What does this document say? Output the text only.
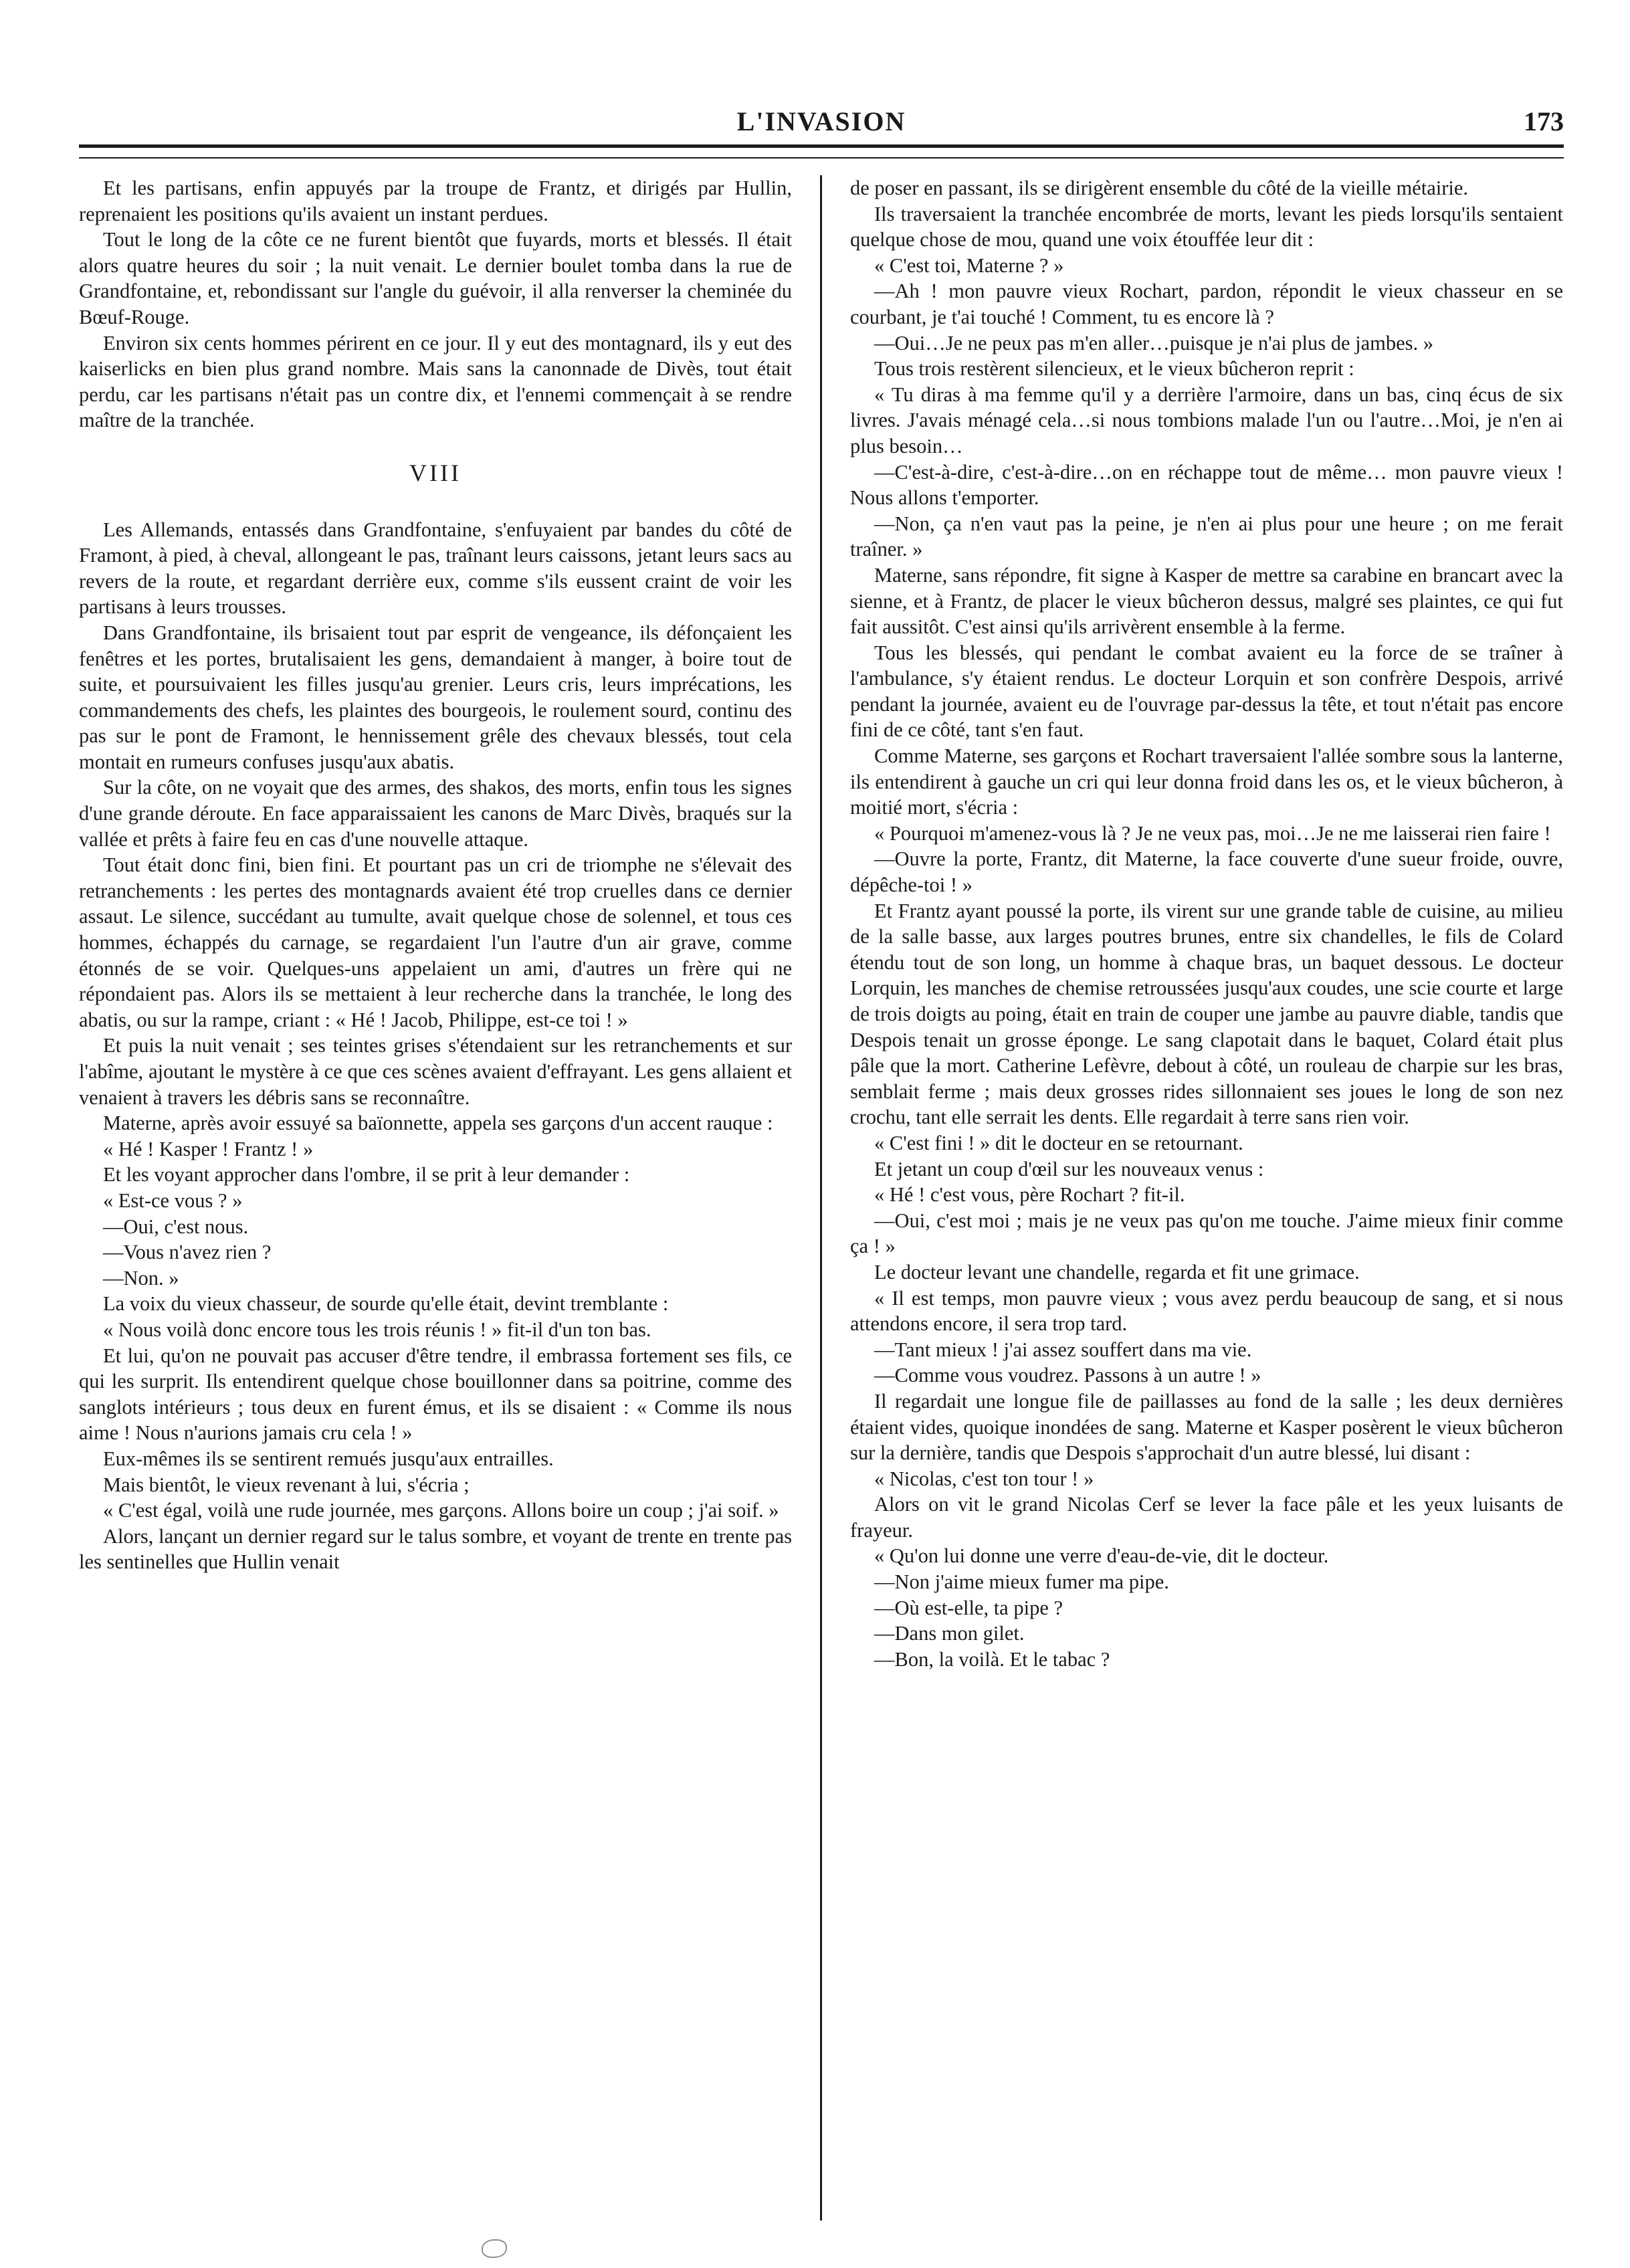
L'INVASION	173

Et les partisans, enfin appuyés par la troupe de Frantz, et dirigés par Hullin, reprenaient les positions qu'ils avaient un instant perdues.

Tout le long de la côte ce ne furent bientôt que fuyards, morts et blessés. Il était alors quatre heures du soir ; la nuit venait. Le dernier boulet tomba dans la rue de Grandfontaine, et, rebondissant sur l'angle du guévoir, il alla renverser la cheminée du Bœuf-Rouge.

Environ six cents hommes périrent en ce jour. Il y eut des montagnard, ils y eut des kaiserlicks en bien plus grand nombre. Mais sans la canonnade de Divès, tout était perdu, car les partisans n'était pas un contre dix, et l'ennemi commençait à se rendre maître de la tranchée.

VIII

Les Allemands, entassés dans Grandfontaine, s'enfuyaient par bandes du côté de Framont, à pied, à cheval, allongeant le pas, traînant leurs caissons, jetant leurs sacs au revers de la route, et regardant derrière eux, comme s'ils eussent craint de voir les partisans à leurs trousses.

Dans Grandfontaine, ils brisaient tout par esprit de vengeance, ils défonçaient les fenêtres et les portes, brutalisaient les gens, demandaient à manger, à boire tout de suite, et poursuivaient les filles jusqu'au grenier. Leurs cris, leurs imprécations, les commandements des chefs, les plaintes des bourgeois, le roulement sourd, continu des pas sur le pont de Framont, le hennissement grêle des chevaux blessés, tout cela montait en rumeurs confuses jusqu'aux abatis.

Sur la côte, on ne voyait que des armes, des shakos, des morts, enfin tous les signes d'une grande déroute. En face apparaissaient les canons de Marc Divès, braqués sur la vallée et prêts à faire feu en cas d'une nouvelle attaque.

Tout était donc fini, bien fini. Et pourtant pas un cri de triomphe ne s'élevait des retranchements : les pertes des montagnards avaient été trop cruelles dans ce dernier assaut. Le silence, succédant au tumulte, avait quelque chose de solennel, et tous ces hommes, échappés du carnage, se regardaient l'un l'autre d'un air grave, comme étonnés de se voir. Quelques-uns appelaient un ami, d'autres un frère qui ne répondaient pas. Alors ils se mettaient à leur recherche dans la tranchée, le long des abatis, ou sur la rampe, criant : « Hé ! Jacob, Philippe, est-ce toi ! »

Et puis la nuit venait ; ses teintes grises s'étendaient sur les retranchements et sur l'abîme, ajoutant le mystère à ce que ces scènes avaient d'effrayant. Les gens allaient et venaient à travers les débris sans se reconnaître.

Materne, après avoir essuyé sa baïonnette, appela ses garçons d'un accent rauque :

« Hé ! Kasper ! Frantz ! »

Et les voyant approcher dans l'ombre, il se prit à leur demander :

« Est-ce vous ? »

—Oui, c'est nous.

—Vous n'avez rien ?

—Non. »

La voix du vieux chasseur, de sourde qu'elle était, devint tremblante :

« Nous voilà donc encore tous les trois réunis ! » fit-il d'un ton bas.

Et lui, qu'on ne pouvait pas accuser d'être tendre, il embrassa fortement ses fils, ce qui les surprit. Ils entendirent quelque chose bouillonner dans sa poitrine, comme des sanglots intérieurs ; tous deux en furent émus, et ils se disaient : « Comme ils nous aime ! Nous n'aurions jamais cru cela ! »

Eux-mêmes ils se sentirent remués jusqu'aux entrailles.

Mais bientôt, le vieux revenant à lui, s'écria ;

« C'est égal, voilà une rude journée, mes garçons. Allons boire un coup ; j'ai soif. »

Alors, lançant un dernier regard sur le talus sombre, et voyant de trente en trente pas les sentinelles que Hullin venait

de poser en passant, ils se dirigèrent ensemble du côté de la vieille métairie.

Ils traversaient la tranchée encombrée de morts, levant les pieds lorsqu'ils sentaient quelque chose de mou, quand une voix étouffée leur dit :

« C'est toi, Materne ? »

—Ah ! mon pauvre vieux Rochart, pardon, répondit le vieux chasseur en se courbant, je t'ai touché ! Comment, tu es encore là ?

—Oui…Je ne peux pas m'en aller…puisque je n'ai plus de jambes. »

Tous trois restèrent silencieux, et le vieux bûcheron reprit :

« Tu diras à ma femme qu'il y a derrière l'armoire, dans un bas, cinq écus de six livres. J'avais ménagé cela…si nous tombions malade l'un ou l'autre…Moi, je n'en ai plus besoin…

—C'est-à-dire, c'est-à-dire…on en réchappe tout de même… mon pauvre vieux ! Nous allons t'emporter.

—Non, ça n'en vaut pas la peine, je n'en ai plus pour une heure ; on me ferait traîner. »

Materne, sans répondre, fit signe à Kasper de mettre sa carabine en brancart avec la sienne, et à Frantz, de placer le vieux bûcheron dessus, malgré ses plaintes, ce qui fut fait aussitôt. C'est ainsi qu'ils arrivèrent ensemble à la ferme.

Tous les blessés, qui pendant le combat avaient eu la force de se traîner à l'ambulance, s'y étaient rendus. Le docteur Lorquin et son confrère Despois, arrivé pendant la journée, avaient eu de l'ouvrage par-dessus la tête, et tout n'était pas encore fini de ce côté, tant s'en faut.

Comme Materne, ses garçons et Rochart traversaient l'allée sombre sous la lanterne, ils entendirent à gauche un cri qui leur donna froid dans les os, et le vieux bûcheron, à moitié mort, s'écria :

« Pourquoi m'amenez-vous là ? Je ne veux pas, moi…Je ne me laisserai rien faire !

—Ouvre la porte, Frantz, dit Materne, la face couverte d'une sueur froide, ouvre, dépêche-toi ! »

Et Frantz ayant poussé la porte, ils virent sur une grande table de cuisine, au milieu de la salle basse, aux larges poutres brunes, entre six chandelles, le fils de Colard étendu tout de son long, un homme à chaque bras, un baquet dessous. Le docteur Lorquin, les manches de chemise retroussées jusqu'aux coudes, une scie courte et large de trois doigts au poing, était en train de couper une jambe au pauvre diable, tandis que Despois tenait un grosse éponge. Le sang clapotait dans le baquet, Colard était plus pâle que la mort. Catherine Lefèvre, debout à côté, un rouleau de charpie sur les bras, semblait ferme ; mais deux grosses rides sillonnaient ses joues le long de son nez crochu, tant elle serrait les dents. Elle regardait à terre sans rien voir.

« C'est fini ! » dit le docteur en se retournant.

Et jetant un coup d'œil sur les nouveaux venus :

« Hé ! c'est vous, père Rochart ? fit-il.

—Oui, c'est moi ; mais je ne veux pas qu'on me touche. J'aime mieux finir comme ça ! »

Le docteur levant une chandelle, regarda et fit une grimace.

« Il est temps, mon pauvre vieux ; vous avez perdu beaucoup de sang, et si nous attendons encore, il sera trop tard.

—Tant mieux ! j'ai assez souffert dans ma vie.

—Comme vous voudrez. Passons à un autre ! »

Il regardait une longue file de paillasses au fond de la salle ; les deux dernières étaient vides, quoique inondées de sang. Materne et Kasper posèrent le vieux bûcheron sur la dernière, tandis que Despois s'approchait d'un autre blessé, lui disant :

« Nicolas, c'est ton tour ! »

Alors on vit le grand Nicolas Cerf se lever la face pâle et les yeux luisants de frayeur.

« Qu'on lui donne une verre d'eau-de-vie, dit le docteur.

—Non j'aime mieux fumer ma pipe.

—Où est-elle, ta pipe ?

—Dans mon gilet.

—Bon, la voilà. Et le tabac ?
